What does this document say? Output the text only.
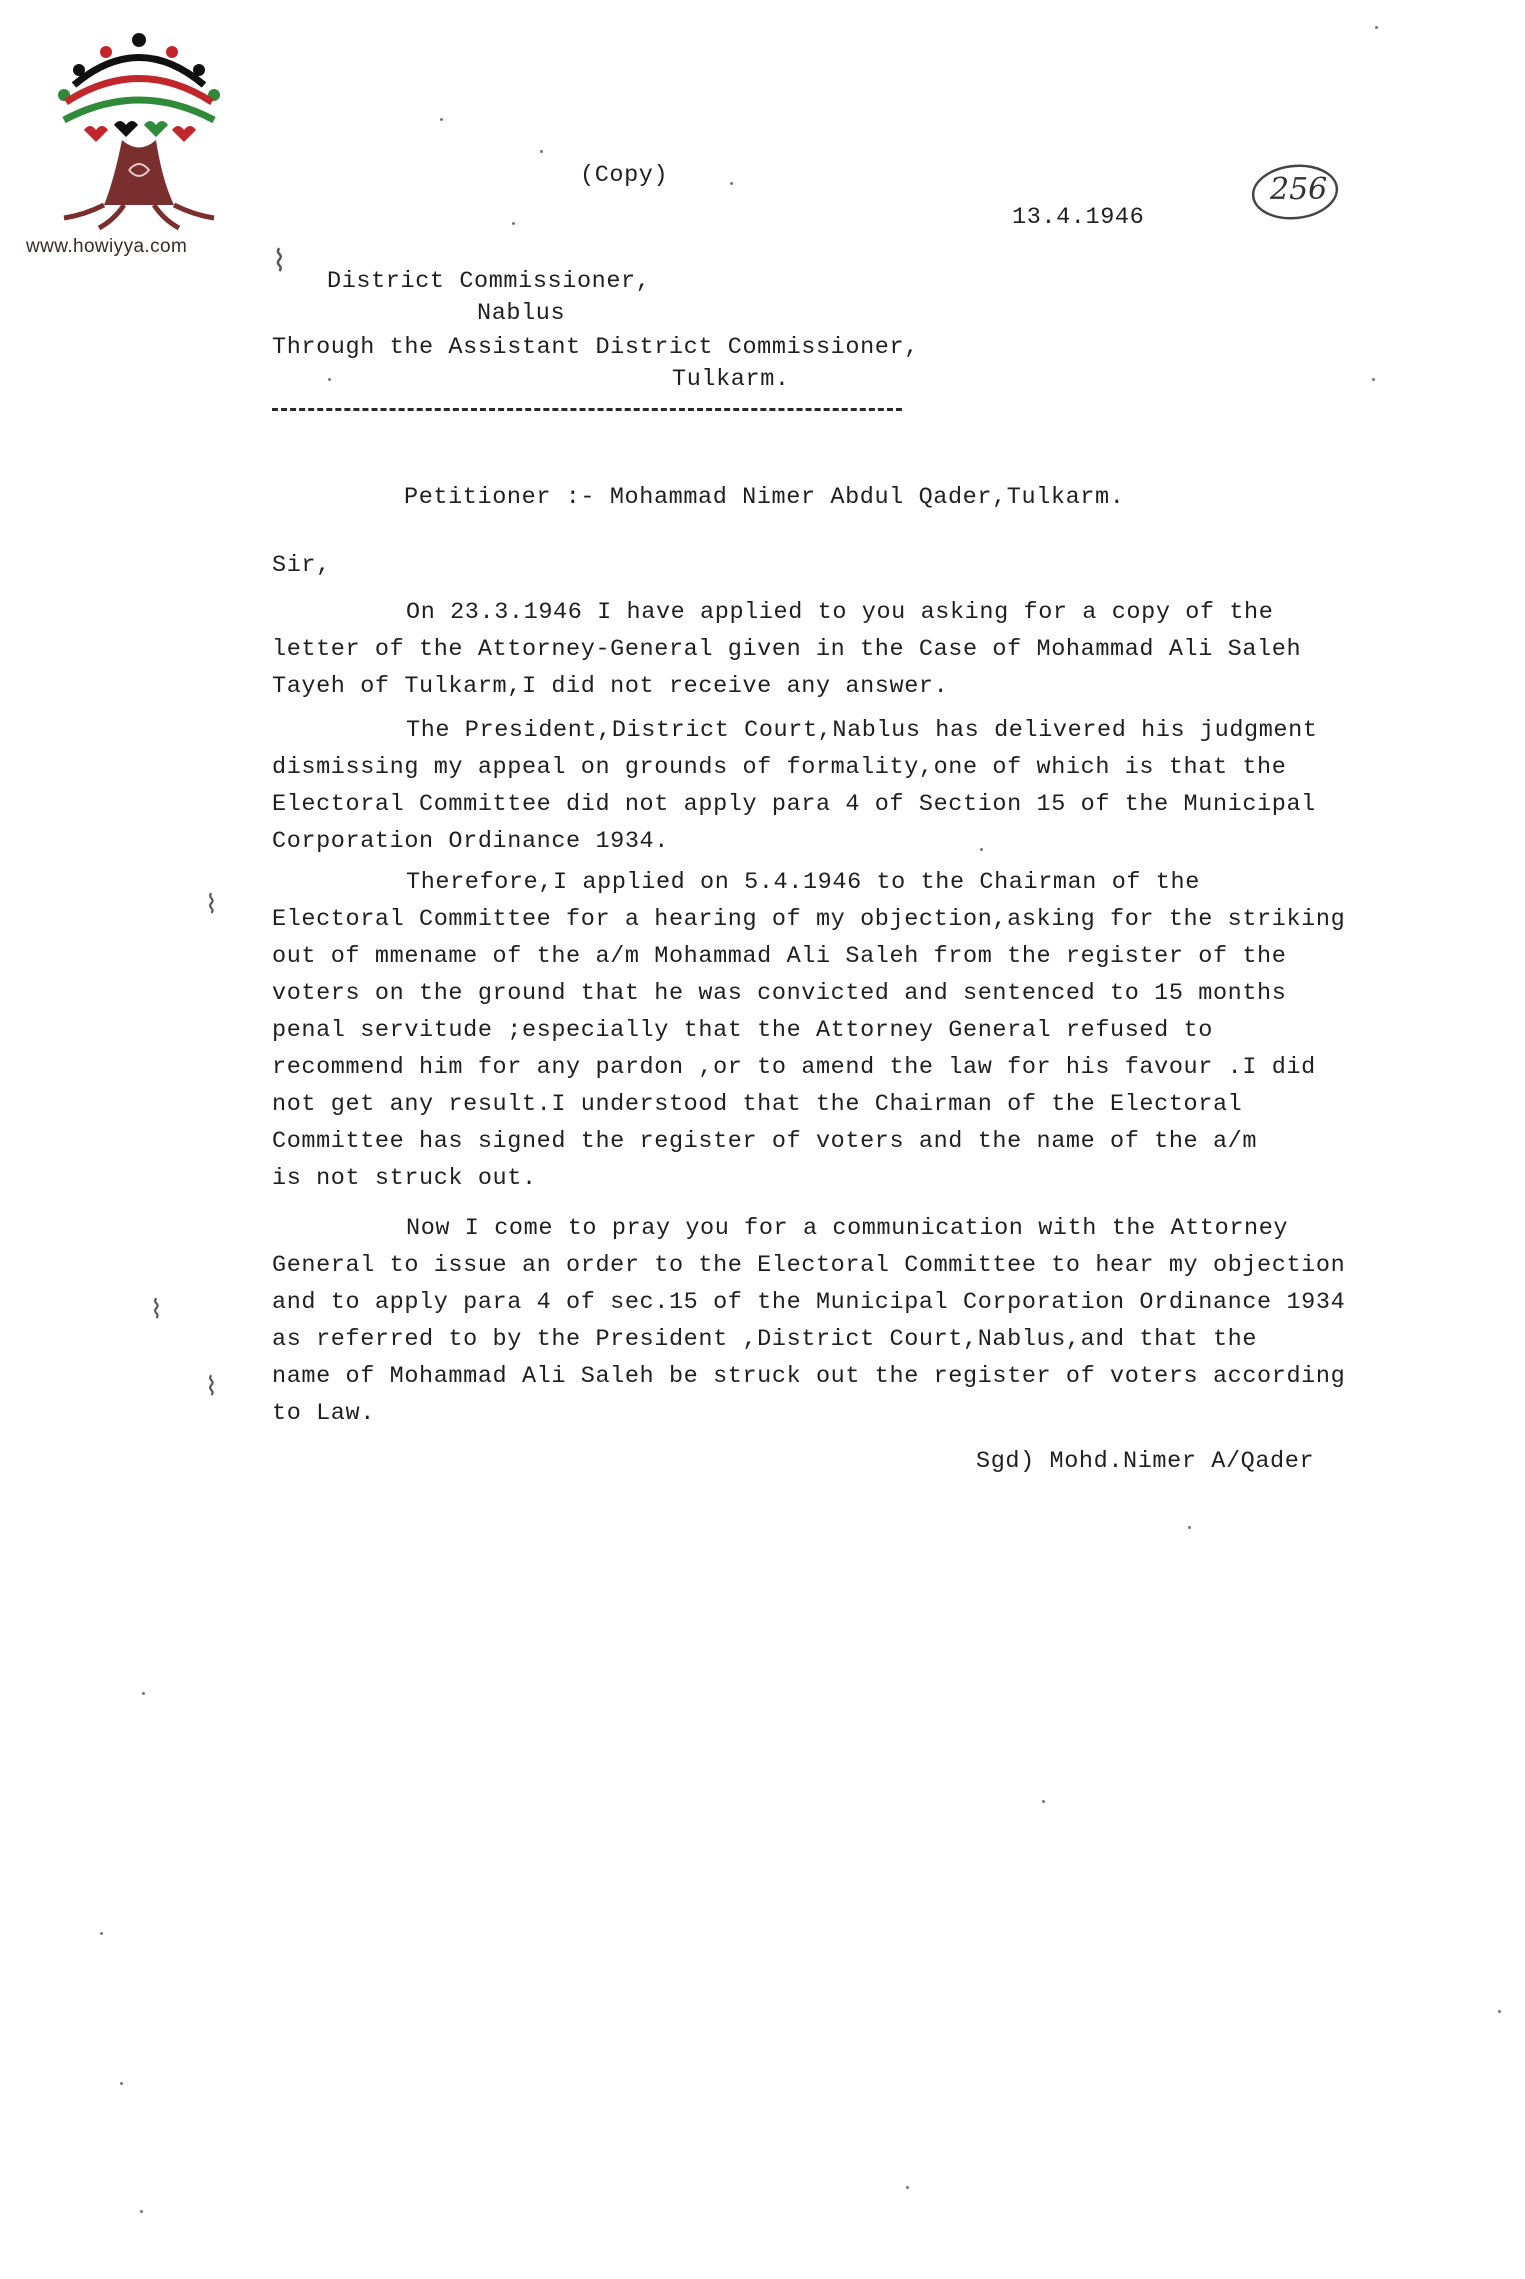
www.howiyya.com
(Copy)
13.4.1946
256
District Commissioner,
Nablus
Through the Assistant District Commissioner,
Tulkarm.
Petitioner :- Mohammad Nimer Abdul Qader,Tulkarm.
Sir,
On 23.3.1946 I have applied to you asking for a copy of the
letter of the Attorney-General given in the Case of Mohammad Ali Saleh
Tayeh of Tulkarm,I did not receive any answer.
The President,District Court,Nablus has delivered his judgment
dismissing my appeal on grounds of formality,one of which is that the
Electoral Committee did not apply para 4 of Section 15 of the Municipal
Corporation Ordinance 1934.
Therefore,I applied on 5.4.1946 to the Chairman of the
Electoral Committee for a hearing of my objection,asking for the striking
out of mmename of the a/m Mohammad Ali Saleh from the register of the
voters on the ground that he was convicted and sentenced to 15 months
penal servitude ;especially that the Attorney General refused to
recommend him for any pardon ,or to amend the law for his favour .I did
not get any result.I understood that the Chairman of the Electoral
Committee has signed the register of voters and the name of the a/m
is not struck out.
Now I come to pray you for a communication with the Attorney
General to issue an order to the Electoral Committee to hear my objection
and to apply para 4 of sec.15 of the Municipal Corporation Ordinance 1934
as referred to by the President ,District Court,Nablus,and that the
name of Mohammad Ali Saleh be struck out the register of voters according
to Law.
Sgd) Mohd.Nimer A/Qader
⌇
⌇
⌇
⌇
